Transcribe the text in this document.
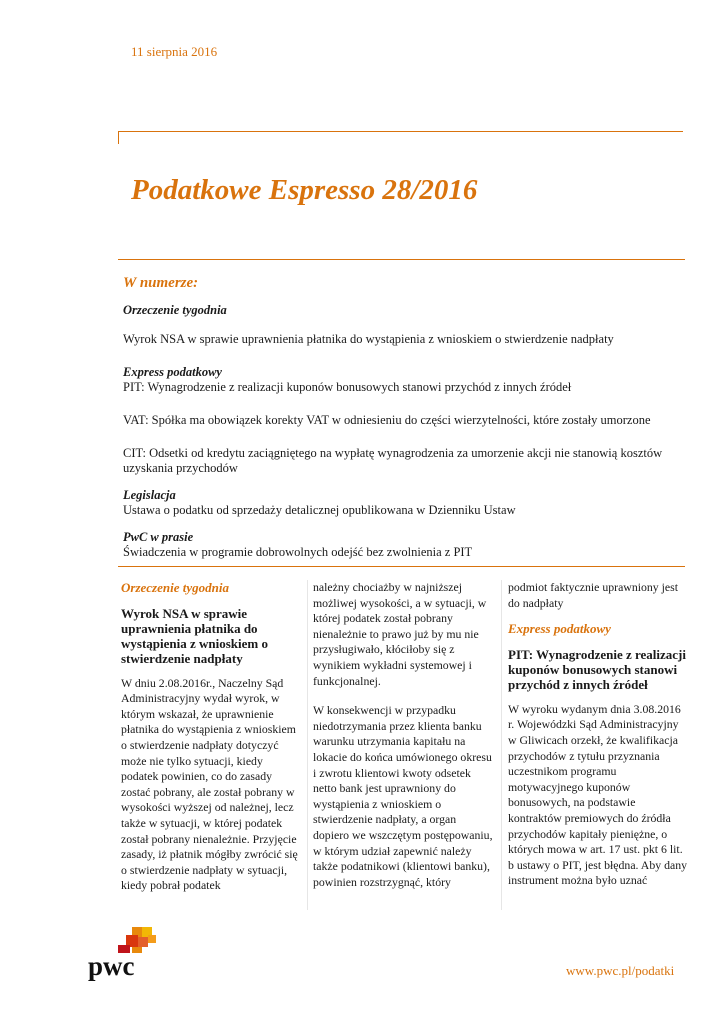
11 sierpnia 2016
Podatkowe Espresso 28/2016
W numerze:
Orzeczenie tygodnia

Wyrok NSA w sprawie uprawnienia płatnika do wystąpienia z wnioskiem o stwierdzenie nadpłaty

Express podatkowy

PIT: Wynagrodzenie z realizacji kuponów bonusowych stanowi przychód z innych źródeł

VAT: Spółka ma obowiązek korekty VAT w odniesieniu do części wierzytelności, które zostały umorzone

CIT: Odsetki od kredytu zaciągniętego na wypłatę wynagrodzenia za umorzenie akcji nie stanowią kosztów uzyskania przychodów

Legislacja

Ustawa o podatku od sprzedaży detalicznej opublikowana w Dzienniku Ustaw

PwC w prasie

Świadczenia w programie dobrowolnych odejść bez zwolnienia z PIT

Orzeczenie tygodnia
Wyrok NSA w sprawie uprawnienia płatnika do wystąpienia z wnioskiem o stwierdzenie nadpłaty

W dniu 2.08.2016r., Naczelny Sąd Administracyjny wydał wyrok, w którym wskazał, że uprawnienie płatnika do wystąpienia z wnioskiem o stwierdzenie nadpłaty dotyczyć może nie tylko sytuacji, kiedy podatek powinien, co do zasady zostać pobrany, ale został pobrany w wysokości wyższej od należnej, lecz także w sytuacji, w której podatek został pobrany nienależnie. Przyjęcie zasady, iż płatnik mógłby zwrócić się o stwierdzenie nadpłaty w sytuacji, kiedy pobrał podatek

należny chociażby w najniższej możliwej wysokości, a w sytuacji, w której podatek został pobrany nienależnie to prawo już by mu nie przysługiwało, kłóciłoby się z wynikiem wykładni systemowej i funkcjonalnej.

W konsekwencji w przypadku niedotrzymania przez klienta banku warunku utrzymania kapitału na lokacie do końca umówionego okresu i zwrotu klientowi kwoty odsetek netto bank jest uprawniony do wystąpienia z wnioskiem o stwierdzenie nadpłaty, a organ dopiero we wszczętym postępowaniu, w którym udział zapewnić należy także podatnikowi (klientowi banku), powinien rozstrzygnąć, który

podmiot faktycznie uprawniony jest do nadpłaty

Express podatkowy
PIT: Wynagrodzenie z realizacji kuponów bonusowych stanowi przychód z innych źródeł

W wyroku wydanym dnia 3.08.2016 r. Wojewódzki Sąd Administracyjny w Gliwicach orzekł, że kwalifikacja przychodów z tytułu przyznania uczestnikom programu motywacyjnego kuponów bonusowych, na podstawie kontraktów premiowych do źródła przychodów kapitały pieniężne, o których mowa w art. 17 ust. pkt 6 lit. b ustawy o PIT, jest błędna. Aby dany instrument można było uznać

pwc	www.pwc.pl/podatki
